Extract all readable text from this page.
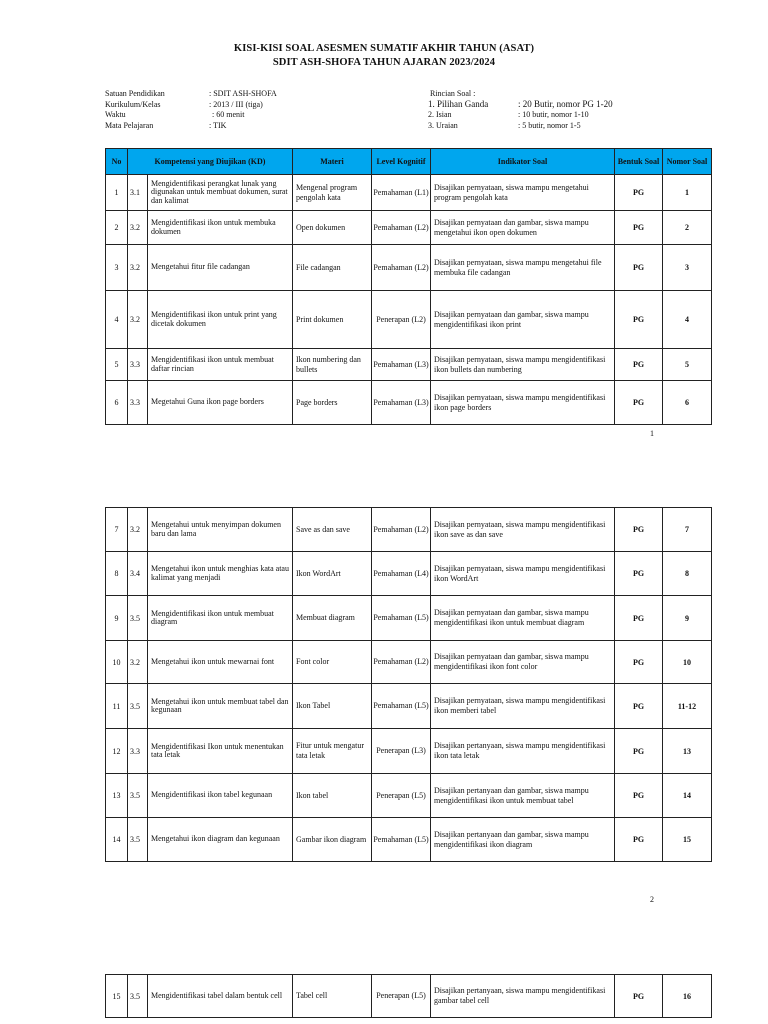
KISI-KISI SOAL ASESMEN SUMATIF AKHIR TAHUN (ASAT)
SDIT ASH-SHOFA TAHUN AJARAN 2023/2024
Satuan Pendidikan	: SDIT ASH-SHOFA
Kurikulum/Kelas	: 2013 / III (tiga)
Waktu	: 60 menit
Mata Pelajaran	: TIK
Rincian Soal :
1. Pilihan Ganda	: 20 Butir, nomor PG 1-20
2. Isian	: 10 butir, nomor 1-10
3. Uraian	: 5 butir, nomor 1-5
No	Kompetensi yang Diujikan (KD)		Materi	Level Kognitif	Indikator Soal	Bentuk Soal	Nomor Soal
1	3.1	Mengidentifikasi perangkat lunak yang digunakan untuk membuat dokumen, surat dan kalimat	Mengenal program pengolah kata	Pemahaman (L1)	Disajikan pernyataan, siswa mampu mengetahui program pengolah kata	PG	1
2	3.2	Mengidentifikasi ikon untuk membuka dokumen	Open dokumen	Pemahaman (L2)	Disajikan pernyataan dan gambar, siswa mampu mengetahui ikon open dokumen	PG	2
3	3.2	Mengetahui fitur file cadangan	File cadangan	Pemahaman (L2)	Disajikan pernyataan, siswa mampu mengetahui file membuka file cadangan	PG	3
4	3.2	Mengidentifikasi ikon untuk print yang dicetak dokumen	Print dokumen	Penerapan (L2)	Disajikan pernyataan dan gambar, siswa mampu mengidentifikasi ikon print	PG	4
5	3.3	Mengidentifikasi ikon untuk membuat daftar rincian	Ikon numbering dan bullets	Pemahaman (L3)	Disajikan pernyataan, siswa mampu mengidentifikasi ikon bullets dan numbering	PG	5
6	3.3	Megetahui Guna ikon page borders	Page borders	Pemahaman (L3)	Disajikan pernyataan, siswa mampu mengidentifikasi ikon page borders	PG	6
1
7	3.2	Mengetahui untuk menyimpan dokumen baru dan lama	Save as dan save	Pemahaman (L2)	Disajikan pernyataan, siswa mampu mengidentifikasi ikon save as dan save	PG	7
8	3.4	Mengetahui ikon untuk menghias kata atau kalimat yang menjadi	Ikon WordArt	Pemahaman (L4)	Disajikan pernyataan, siswa mampu mengidentifikasi ikon WordArt	PG	8
9	3.5	Mengidentifikasi ikon untuk membuat diagram	Membuat diagram	Pemahaman (L5)	Disajikan pernyataan dan gambar, siswa mampu mengidentifikasi ikon untuk membuat diagram	PG	9
10	3.2	Mengetahui ikon untuk mewarnai font	Font color	Pemahaman (L2)	Disajikan pernyataan dan gambar, siswa mampu mengidentifikasi ikon font color	PG	10
11	3.5	Mengetahui ikon untuk membuat tabel dan kegunaan	Ikon Tabel	Pemahaman (L5)	Disajikan pernyataan, siswa mampu mengidentifikasi ikon memberi tabel	PG	11-12
12	3.3	Mengidentifikasi Ikon untuk menentukan tata letak	Fitur untuk mengatur tata letak	Penerapan (L3)	Disajikan pertanyaan, siswa mampu mengidentifikasi ikon tata letak	PG	13
13	3.5	Mengidentifikasi ikon tabel kegunaan	Ikon tabel	Penerapan (L5)	Disajikan pertanyaan dan gambar, siswa mampu mengidentifikasi ikon untuk membuat tabel	PG	14
14	3.5	Mengetahui ikon diagram dan kegunaan	Gambar ikon diagram	Pemahaman (L5)	Disajikan pertanyaan dan gambar, siswa mampu mengidentifikasi ikon diagram	PG	15
2
15	3.5	Mengidentifikasi tabel dalam bentuk cell	Tabel cell	Penerapan (L5)	Disajikan pertanyaan, siswa mampu mengidentifikasi gambar tabel cell	PG	16
